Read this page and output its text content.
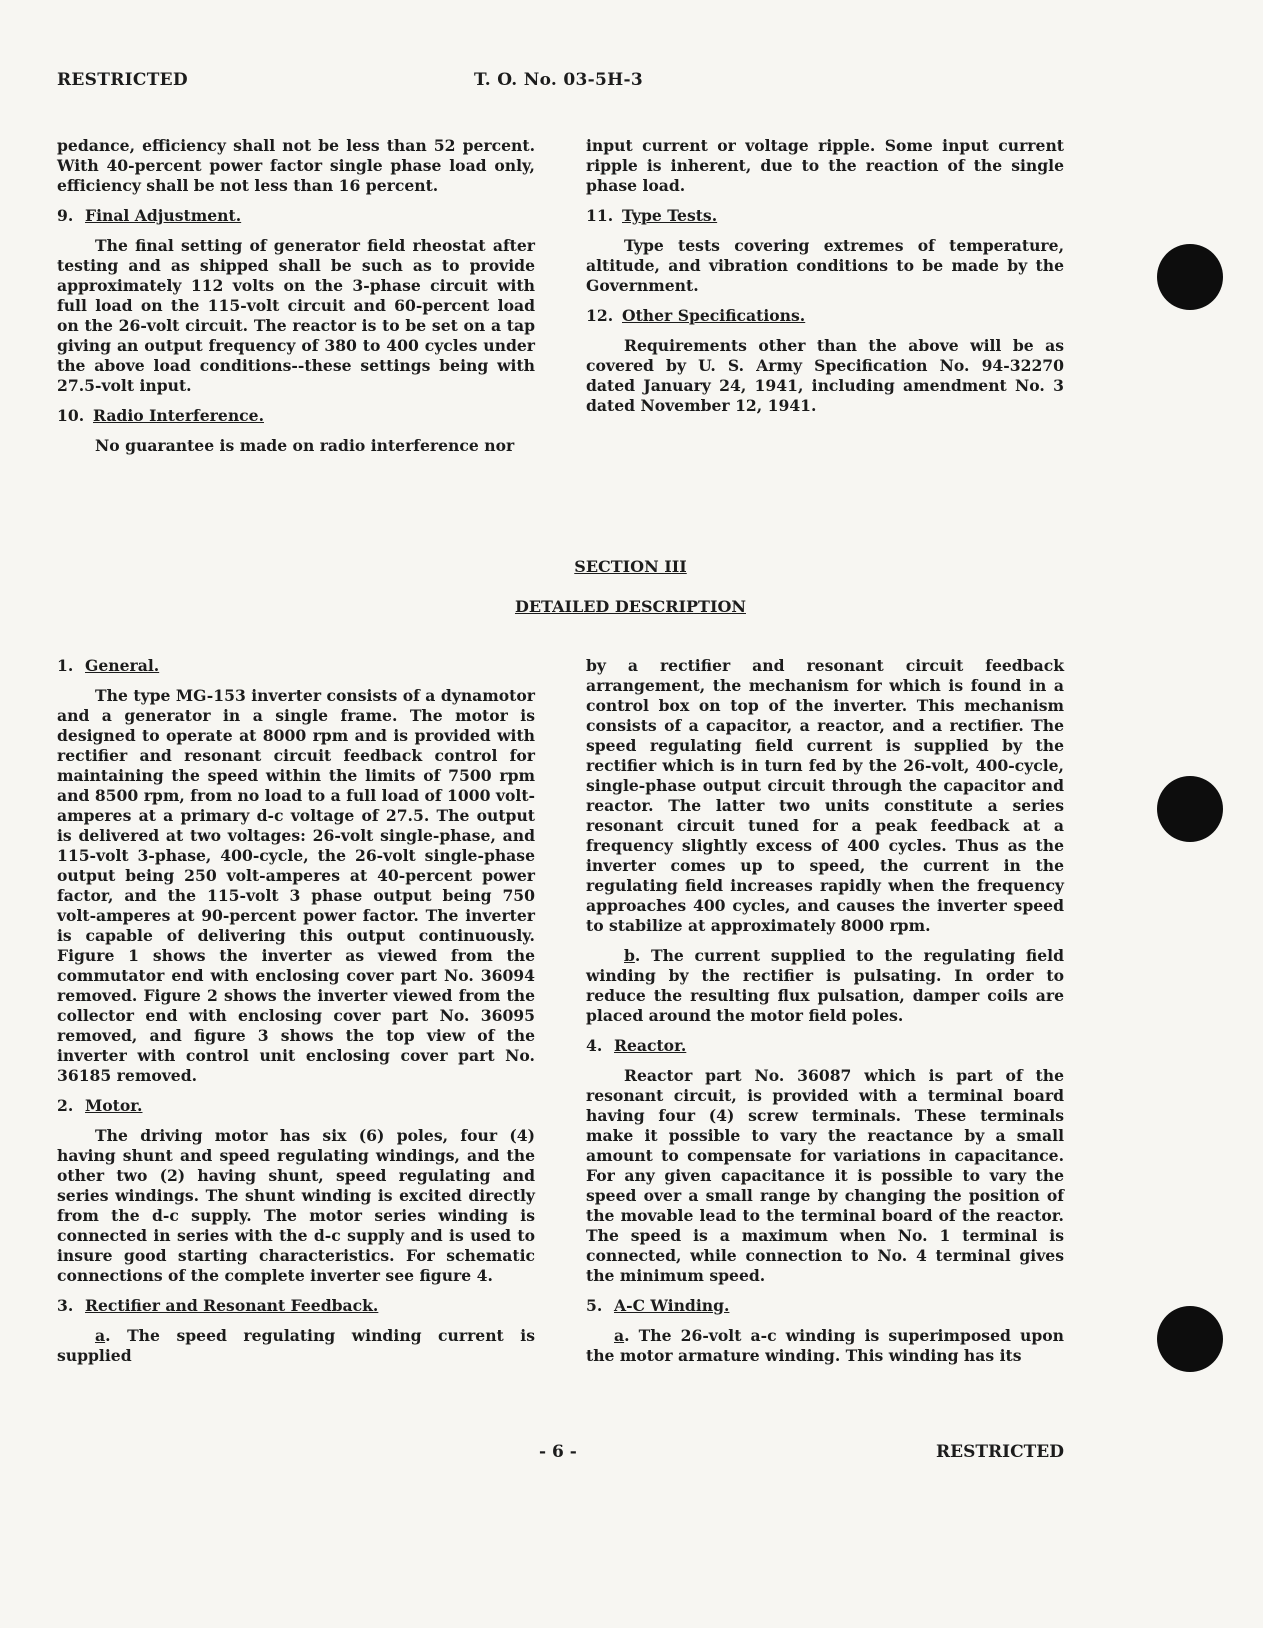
RESTRICTED	T. O. No. 03-5H-3

pedance, efficiency shall not be less than 52 percent. With 40-percent power factor single phase load only, efficiency shall be not less than 16 percent.

9. Final Adjustment.

The final setting of generator field rheostat after testing and as shipped shall be such as to provide approximately 112 volts on the 3-phase circuit with full load on the 115-volt circuit and 60-percent load on the 26-volt circuit. The reactor is to be set on a tap giving an output frequency of 380 to 400 cycles under the above load conditions--these settings being with 27.5-volt input.

10. Radio Interference.

No guarantee is made on radio interference nor

input current or voltage ripple. Some input current ripple is inherent, due to the reaction of the single phase load.

11. Type Tests.

Type tests covering extremes of temperature, altitude, and vibration conditions to be made by the Government.

12. Other Specifications.

Requirements other than the above will be as covered by U. S. Army Specification No. 94-32270 dated January 24, 1941, including amendment No. 3 dated November 12, 1941.

SECTION III
DETAILED DESCRIPTION

1. General.

The type MG-153 inverter consists of a dynamotor and a generator in a single frame. The motor is designed to operate at 8000 rpm and is provided with rectifier and resonant circuit feedback control for maintaining the speed within the limits of 7500 rpm and 8500 rpm, from no load to a full load of 1000 volt-amperes at a primary d-c voltage of 27.5. The output is delivered at two voltages: 26-volt single-phase, and 115-volt 3-phase, 400-cycle, the 26-volt single-phase output being 250 volt-amperes at 40-percent power factor, and the 115-volt 3 phase output being 750 volt-amperes at 90-percent power factor. The inverter is capable of delivering this output continuously. Figure 1 shows the inverter as viewed from the commutator end with enclosing cover part No. 36094 removed. Figure 2 shows the inverter viewed from the collector end with enclosing cover part No. 36095 removed, and figure 3 shows the top view of the inverter with control unit enclosing cover part No. 36185 removed.

2. Motor.

The driving motor has six (6) poles, four (4) having shunt and speed regulating windings, and the other two (2) having shunt, speed regulating and series windings. The shunt winding is excited directly from the d-c supply. The motor series winding is connected in series with the d-c supply and is used to insure good starting characteristics. For schematic connections of the complete inverter see figure 4.

3. Rectifier and Resonant Feedback.

a. The speed regulating winding current is supplied

by a rectifier and resonant circuit feedback arrangement, the mechanism for which is found in a control box on top of the inverter. This mechanism consists of a capacitor, a reactor, and a rectifier. The speed regulating field current is supplied by the rectifier which is in turn fed by the 26-volt, 400-cycle, single-phase output circuit through the capacitor and reactor. The latter two units constitute a series resonant circuit tuned for a peak feedback at a frequency slightly excess of 400 cycles. Thus as the inverter comes up to speed, the current in the regulating field increases rapidly when the frequency approaches 400 cycles, and causes the inverter speed to stabilize at approximately 8000 rpm.

b. The current supplied to the regulating field winding by the rectifier is pulsating. In order to reduce the resulting flux pulsation, damper coils are placed around the motor field poles.

4. Reactor.

Reactor part No. 36087 which is part of the resonant circuit, is provided with a terminal board having four (4) screw terminals. These terminals make it possible to vary the reactance by a small amount to compensate for variations in capacitance. For any given capacitance it is possible to vary the speed over a small range by changing the position of the movable lead to the terminal board of the reactor. The speed is a maximum when No. 1 terminal is connected, while connection to No. 4 terminal gives the minimum speed.

5. A-C Winding.

a. The 26-volt a-c winding is superimposed upon the motor armature winding. This winding has its

- 6 -	RESTRICTED
